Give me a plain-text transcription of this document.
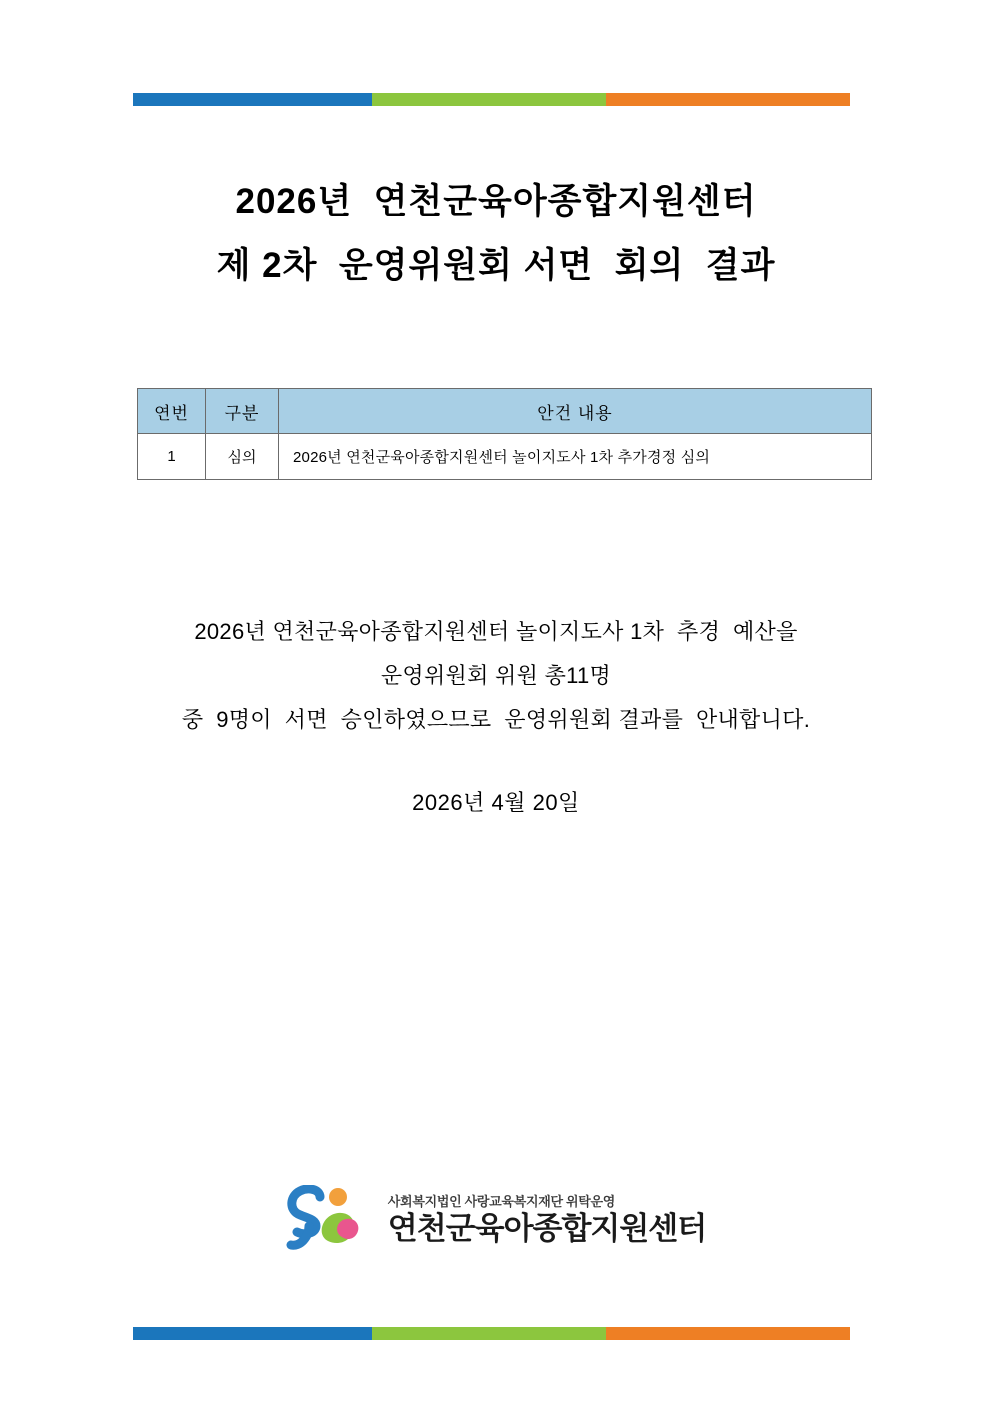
2026년  연천군육아종합지원센터
제 2차  운영위원회 서면  회의  결과
연번	구분	안건 내용
1	심의	2026년 연천군육아종합지원센터 놀이지도사 1차 추가경정 심의
2026년 연천군육아종합지원센터 놀이지도사 1차  추경  예산을
운영위원회 위원 총11명
중  9명이  서면  승인하였으므로  운영위원회 결과를  안내합니다.
2026년 4월 20일
사회복지법인 사랑교육복지재단 위탁운영
연천군육아종합지원센터
